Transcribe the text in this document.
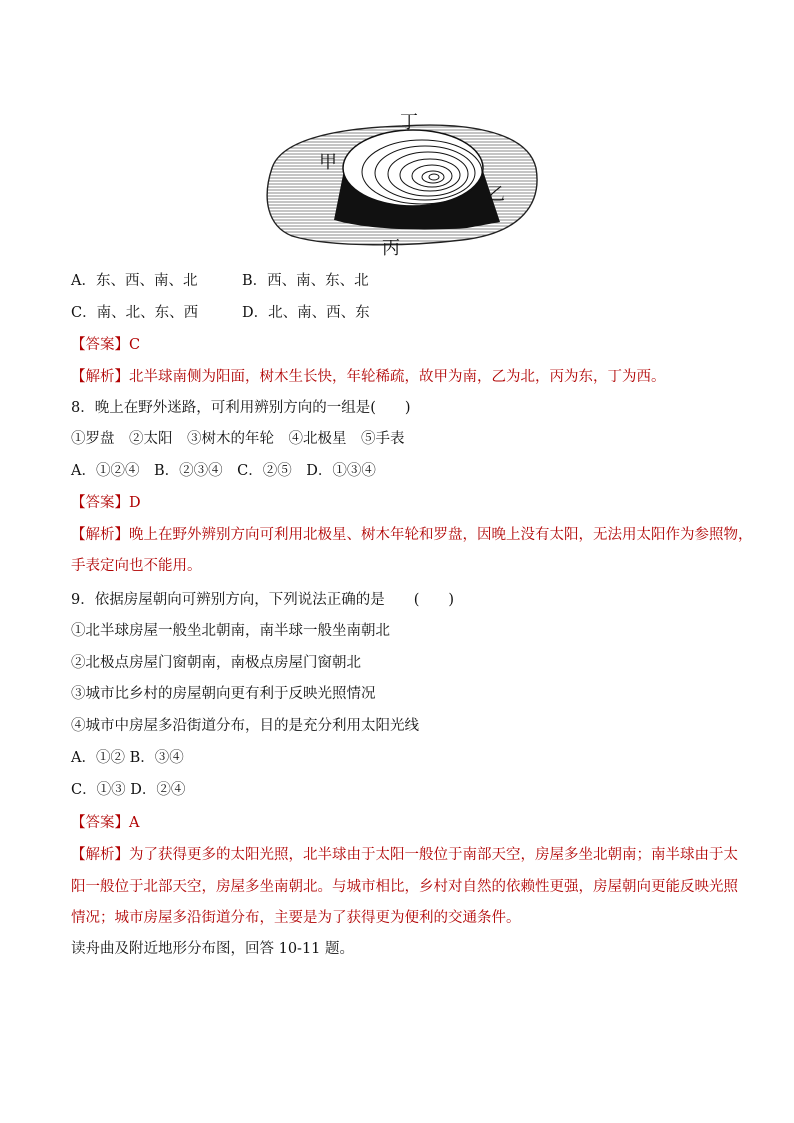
丁
甲
乙
丙
A．东、西、南、北	B．西、南、东、北
C．南、北、东、西	D．北、南、西、东
【答案】C
【解析】北半球南侧为阳面，树木生长快，年轮稀疏，故甲为南，乙为北，丙为东，丁为西。
8．晚上在野外迷路，可利用辨别方向的一组是(　　)
①罗盘　②太阳　③树木的年轮　④北极星　⑤手表
A．①②④　B．②③④　C．②⑤　D．①③④
【答案】D
【解析】晚上在野外辨别方向可利用北极星、树木年轮和罗盘，因晚上没有太阳，无法用太阳作为参照物，
手表定向也不能用。
9．依据房屋朝向可辨别方向，下列说法正确的是　　(　　)
①北半球房屋一般坐北朝南，南半球一般坐南朝北
②北极点房屋门窗朝南，南极点房屋门窗朝北
③城市比乡村的房屋朝向更有利于反映光照情况
④城市中房屋多沿街道分布，目的是充分利用太阳光线
A．①② B．③④
C．①③ D．②④
【答案】A
【解析】为了获得更多的太阳光照，北半球由于太阳一般位于南部天空，房屋多坐北朝南；南半球由于太
阳一般位于北部天空，房屋多坐南朝北。与城市相比，乡村对自然的依赖性更强，房屋朝向更能反映光照
情况；城市房屋多沿街道分布，主要是为了获得更为便利的交通条件。
读舟曲及附近地形分布图，回答 10-11 题。
